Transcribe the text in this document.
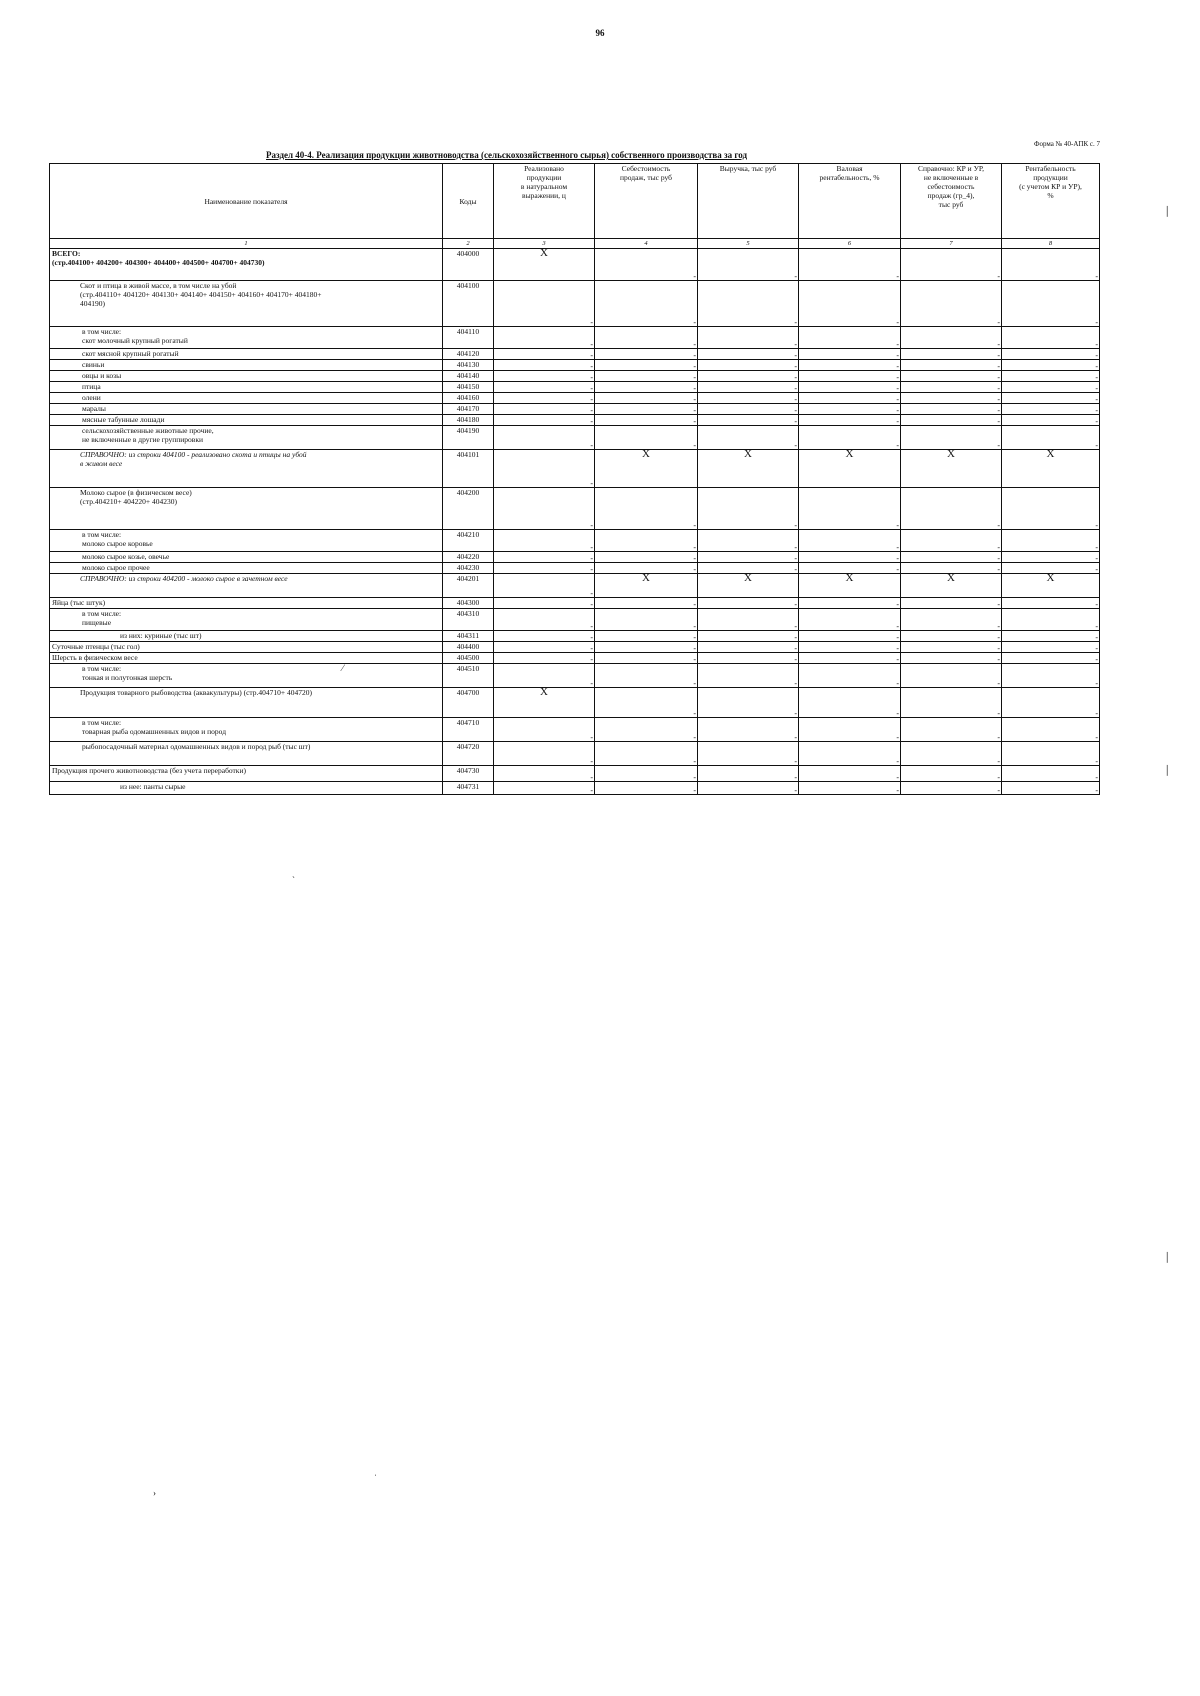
96
Форма № 40-АПК с. 7
Раздел 40-4. Реализация продукции животноводства (сельскохозяйственного сырья) собственного производства за год
Наименование показателя	Коды	Реализовано
продукции
в натуральном
выражении, ц	Себестоимость
продаж, тыс руб	Выручка, тыс руб	Валовая
рентабельность, %	Справочно: КР и УР,
не включенные в
себестоимость
продаж (гр_4),
тыс руб	Рентабельность
продукции
(с учетом КР и УР),
%
1	2	3	4	5	6	7	8
ВСЕГО:
(стр.404100+ 404200+ 404300+ 404400+ 404500+ 404700+ 404730)	404000	X	-	-	-	-	-
Скот и птица в живой массе, в том числе на убой
(стр.404110+ 404120+ 404130+ 404140+ 404150+ 404160+ 404170+ 404180+
404190)	404100	-	-	-	-	-	-
в том числе:
скот молочный крупный рогатый	404110	-	-	-	-	-	-
скот мясной крупный рогатый	404120	-	-	-	-	-	-
свиньи	404130	-	-	-	-	-	-
овцы и козы	404140	-	-	-	-	-	-
птица	404150	-	-	-	-	-	-
олени	404160	-	-	-	-	-	-
маралы	404170	-	-	-	-	-	-
мясные табунные лошади	404180	-	-	-	-	-	-
сельскохозяйственные животные прочие,
не включенные в другие группировки	404190	-	-	-	-	-	-
СПРАВОЧНО: из строки 404100 - реализовано скота и птицы на убой
в живом весе	404101	-	X	X	X	X	X
Молоко сырое (в физическом весе)
(стр.404210+ 404220+ 404230)	404200	-	-	-	-	-	-
в том числе:
молоко сырое коровье	404210	-	-	-	-	-	-
молоко сырое козье, овечье	404220	-	-	-	-	-	-
молоко сырое прочее	404230	-	-	-	-	-	-
СПРАВОЧНО: из строки 404200 - молоко сырое в зачетном весе	404201	-	X	X	X	X	X
Яйца (тыс штук)	404300	-	-	-	-	-	-
в том числе:
пищевые	404310	-	-	-	-	-	-
из них: куриные (тыс шт)	404311	-	-	-	-	-	-
Суточные птенцы (тыс гол)	404400	-	-	-	-	-	-
Шерсть в физическом весе	404500	-	-	-	-	-	-
в том числе:
тонкая и полутонкая шерсть	404510	-	-	-	-	-	-
Продукция товарного рыбоводства (аквакультуры) (стр.404710+ 404720)	404700	X	-	-	-	-	-
в том числе:
товарная рыба одомашненных видов и пород	404710	-	-	-	-	-	-
рыбопосадочный материал одомашненных видов и пород рыб (тыс шт)	404720	-	-	-	-	-	-
Продукция прочего животноводства (без учета переработки)	404730	-	-	-	-	-	-
из нее: панты сырые	404731	-	-	-	-	-	-
ˏ
⁄
ˌ
›
│
│
│
